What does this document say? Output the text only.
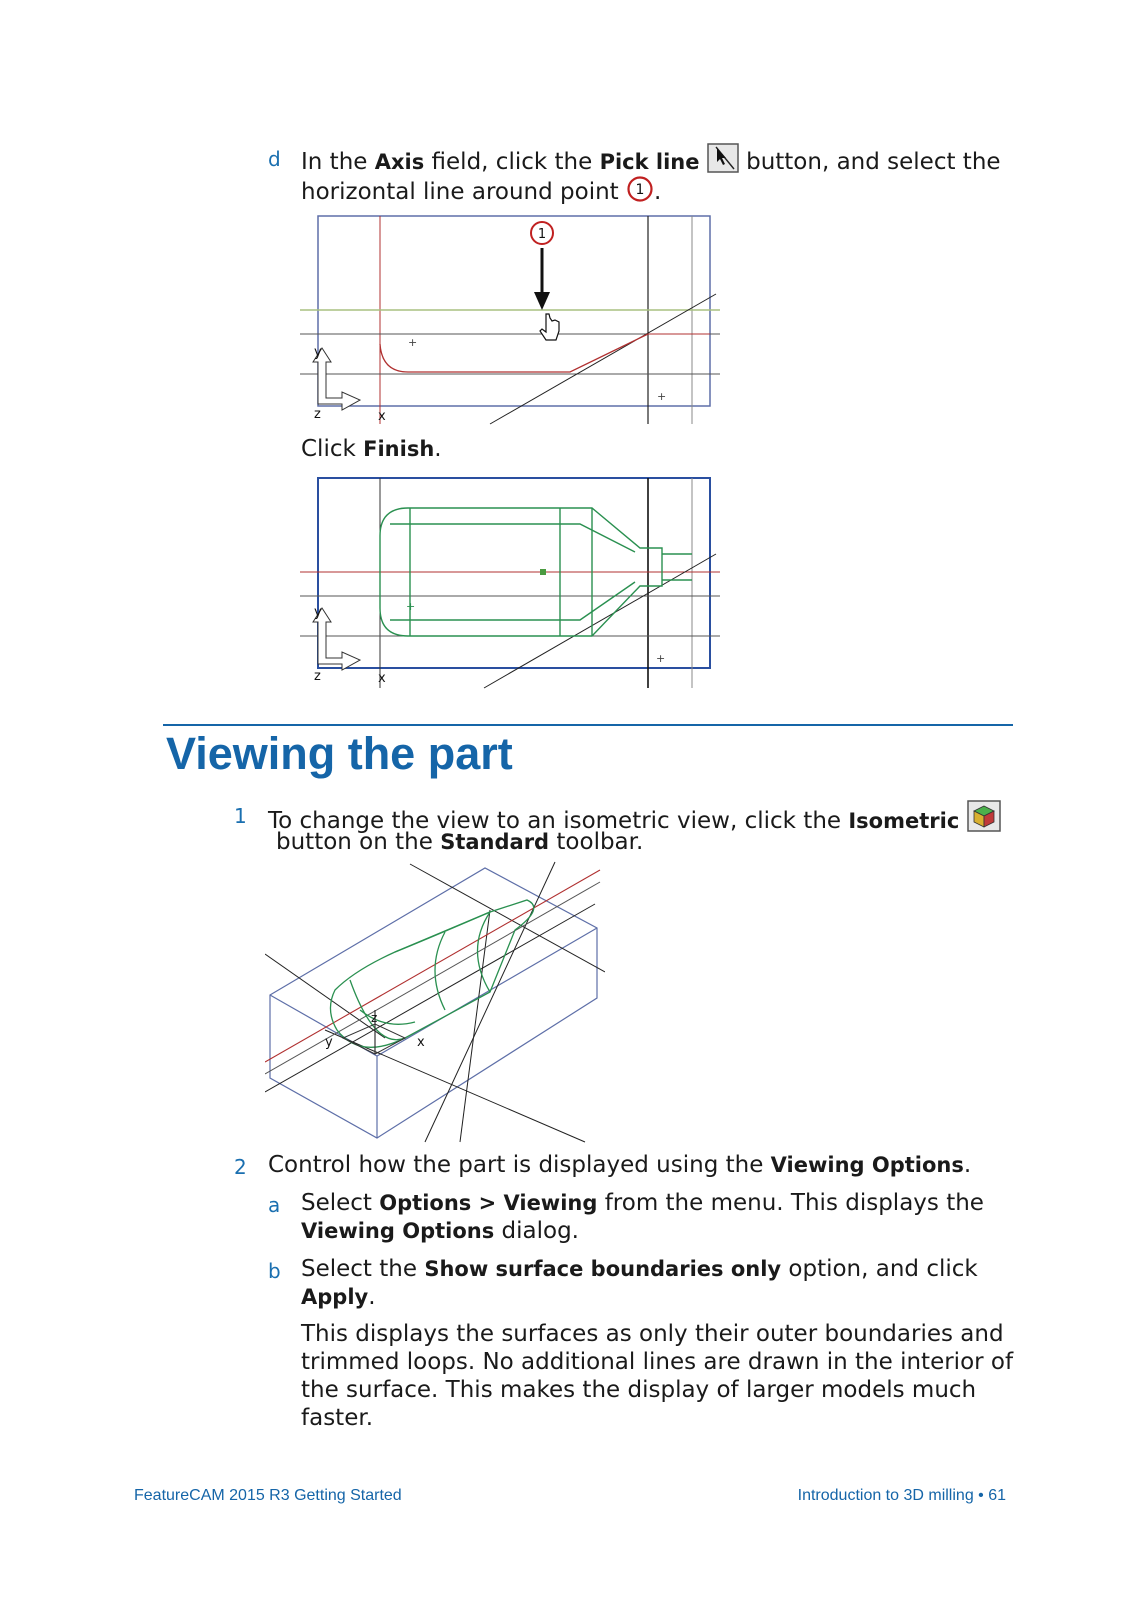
d In the Axis field, click the Pick line  button, and select the
horizontal line around point 1 .
+
+
1
y
z	x
Click Finish.
+
+
y
z	x
Viewing the part
1 To change the view to an isometric view, click the Isometric
button on the Standard toolbar.
z
y	x
2 Control how the part is displayed using the Viewing Options.
a Select Options > Viewing from the menu. This displays the
Viewing Options dialog.
b Select the Show surface boundaries only option, and click
Apply.
This displays the surfaces as only their outer boundaries and
trimmed loops. No additional lines are drawn in the interior of
the surface. This makes the display of larger models much
faster.
FeatureCAM 2015 R3 Getting Started	Introduction to 3D milling • 61
